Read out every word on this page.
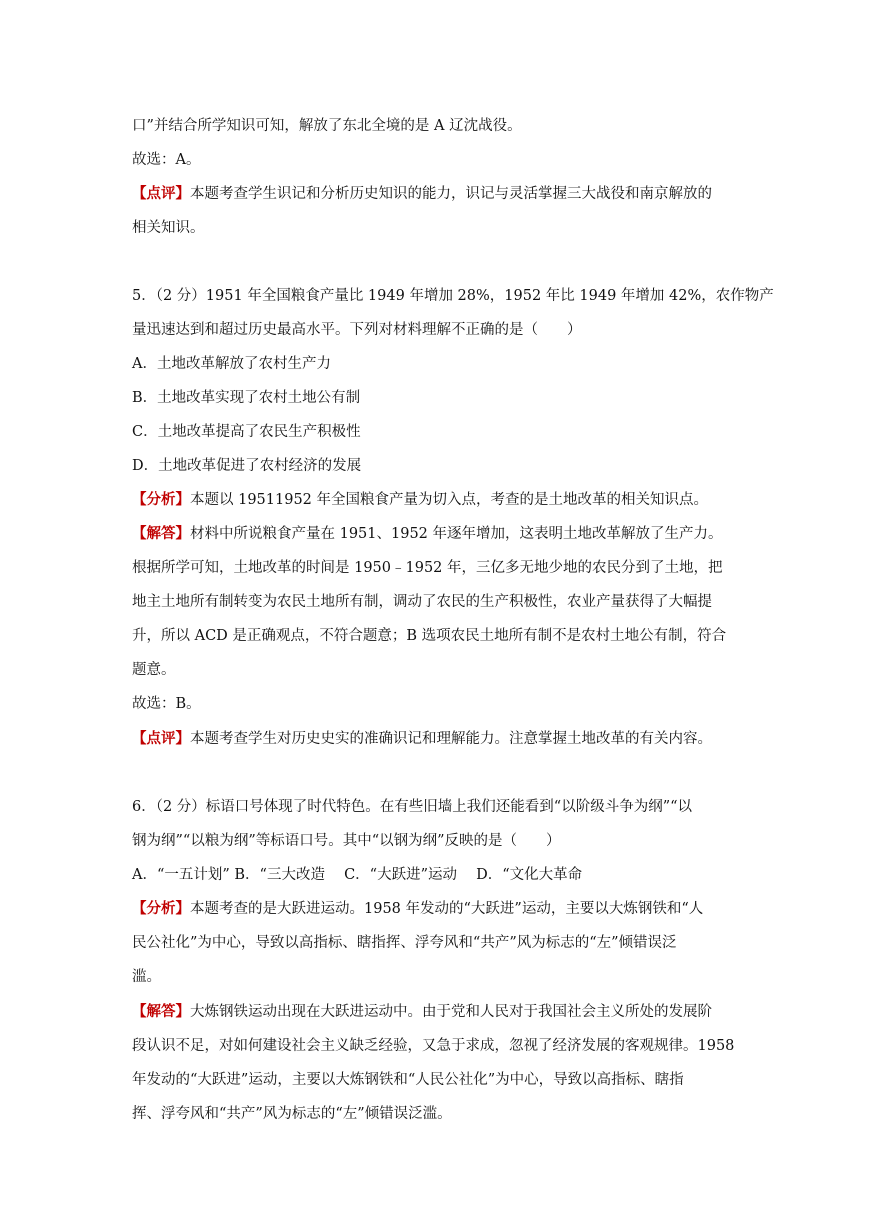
口”并结合所学知识可知，解放了东北全境的是 A 辽沈战役。
故选：A。
【点评】本题考查学生识记和分析历史知识的能力，识记与灵活掌握三大战役和南京解放的
相关知识。
5．（2 分）1951 年全国粮食产量比 1949 年增加 28%，1952 年比 1949 年增加 42%，农作物产
量迅速达到和超过历史最高水平。下列对材料理解不正确的是（　　）
A．土地改革解放了农村生产力
B．土地改革实现了农村土地公有制
C．土地改革提高了农民生产积极性
D．土地改革促进了农村经济的发展
【分析】本题以 19511952 年全国粮食产量为切入点，考查的是土地改革的相关知识点。
【解答】材料中所说粮食产量在 1951、1952 年逐年增加，这表明土地改革解放了生产力。
根据所学可知，土地改革的时间是 1950﹣1952 年，三亿多无地少地的农民分到了土地，把
地主土地所有制转变为农民土地所有制，调动了农民的生产积极性，农业产量获得了大幅提
升，所以 ACD 是正确观点，不符合题意；B 选项农民土地所有制不是农村土地公有制，符合
题意。
故选：B。
【点评】本题考查学生对历史史实的准确识记和理解能力。注意掌握土地改革的有关内容。
6．（2 分）标语口号体现了时代特色。在有些旧墙上我们还能看到“以阶级斗争为纲”“以
钢为纲”“以粮为纲”等标语口号。其中“以钢为纲”反映的是（　　）
A．“一五计划” B．“三大改造　 C．“大跃进”运动　 D．“文化大革命
【分析】本题考查的是大跃进运动。1958 年发动的“大跃进”运动，主要以大炼钢铁和“人
民公社化”为中心，导致以高指标、瞎指挥、浮夸风和“共产”风为标志的“左”倾错误泛
滥。
【解答】大炼钢铁运动出现在大跃进运动中。由于党和人民对于我国社会主义所处的发展阶
段认识不足，对如何建设社会主义缺乏经验，又急于求成，忽视了经济发展的客观规律。1958
年发动的“大跃进”运动，主要以大炼钢铁和“人民公社化”为中心，导致以高指标、瞎指
挥、浮夸风和“共产”风为标志的“左”倾错误泛滥。
